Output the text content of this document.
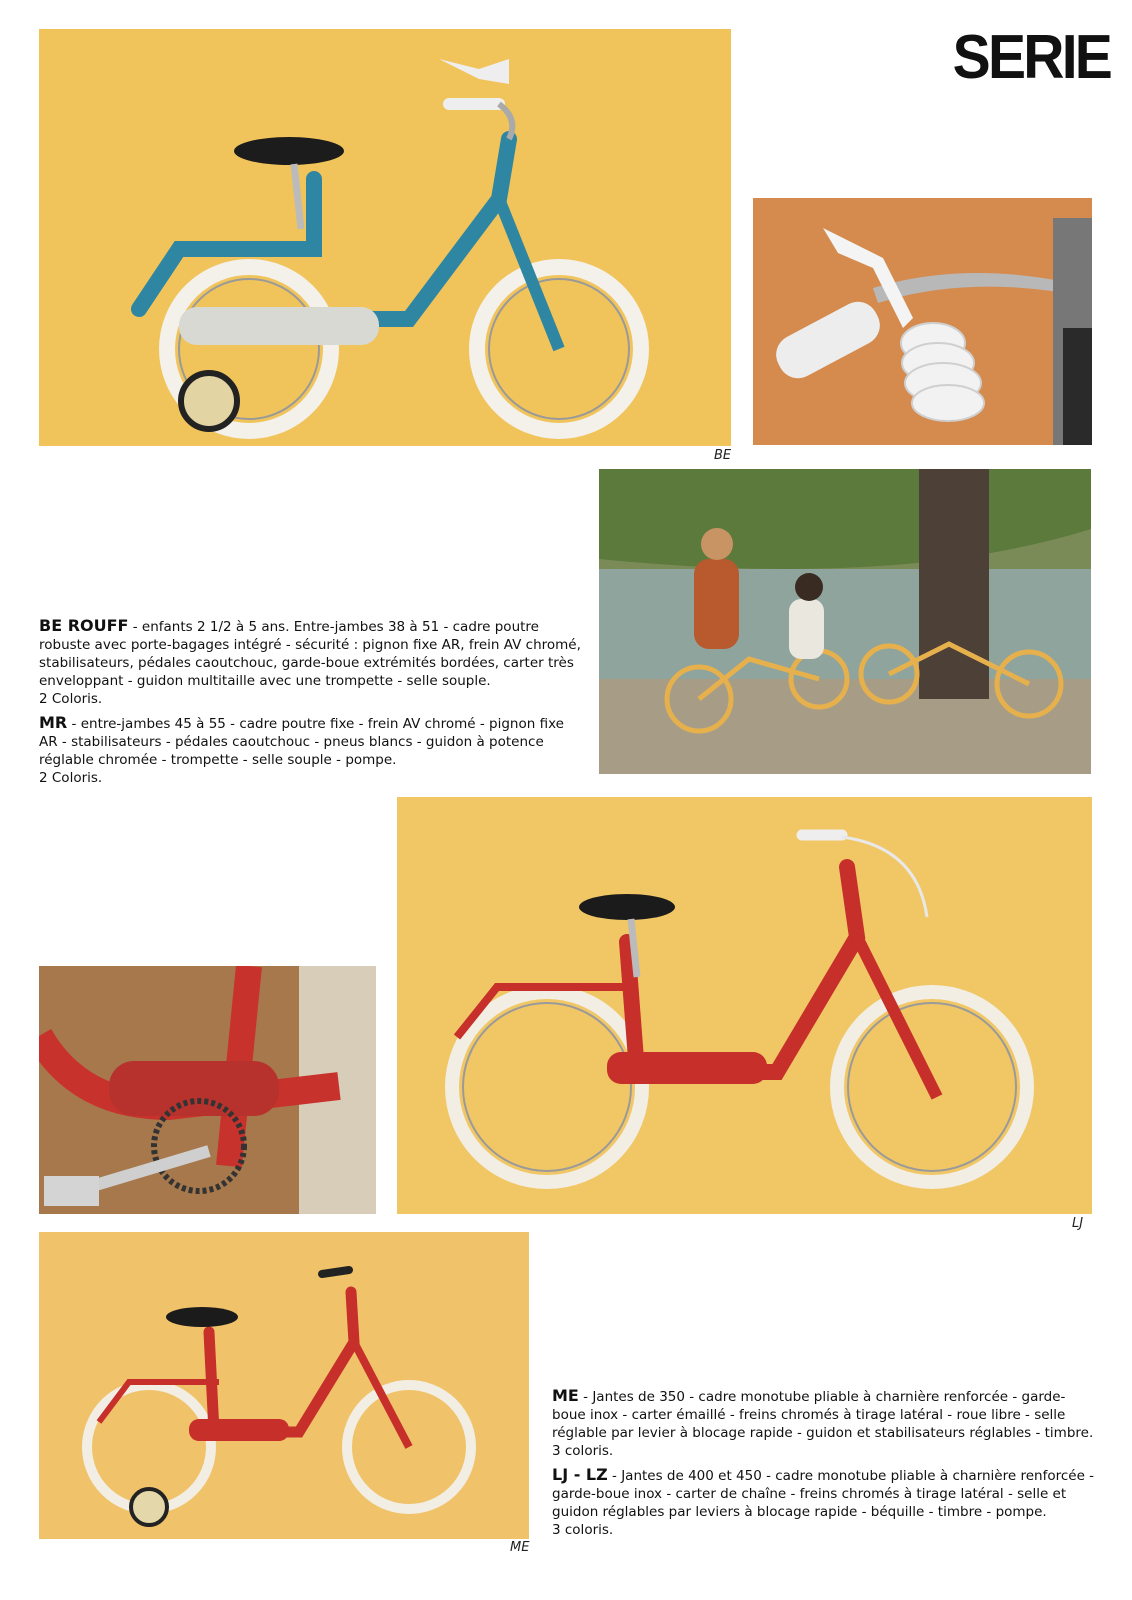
SERIE
BE

BE ROUFF - enfants 2 1/2 à 5 ans. Entre-jambes 38 à 51 - cadre poutre robuste avec porte-bagages intégré - sécurité : pignon fixe AR, frein AV chromé, stabilisateurs, pédales caoutchouc, garde-boue extrémités bordées, carter très enveloppant - guidon multitaille avec une trompette - selle souple.
2 Coloris.

MR - entre-jambes 45 à 55 - cadre poutre fixe - frein AV chromé - pignon fixe AR - stabilisateurs - pédales caoutchouc - pneus blancs - guidon à potence réglable chromée - trompette - selle souple - pompe.
2 Coloris.

LJ
ME

ME - Jantes de 350 - cadre monotube pliable à charnière renforcée - garde-boue inox - carter émaillé - freins chromés à tirage latéral - roue libre - selle réglable par levier à blocage rapide - guidon et stabilisateurs réglables - timbre.
3 coloris.

LJ - LZ - Jantes de 400 et 450 - cadre monotube pliable à charnière renforcée - garde-boue inox - carter de chaîne - freins chromés à tirage latéral - selle et guidon réglables par leviers à blocage rapide - béquille - timbre - pompe.
3 coloris.
